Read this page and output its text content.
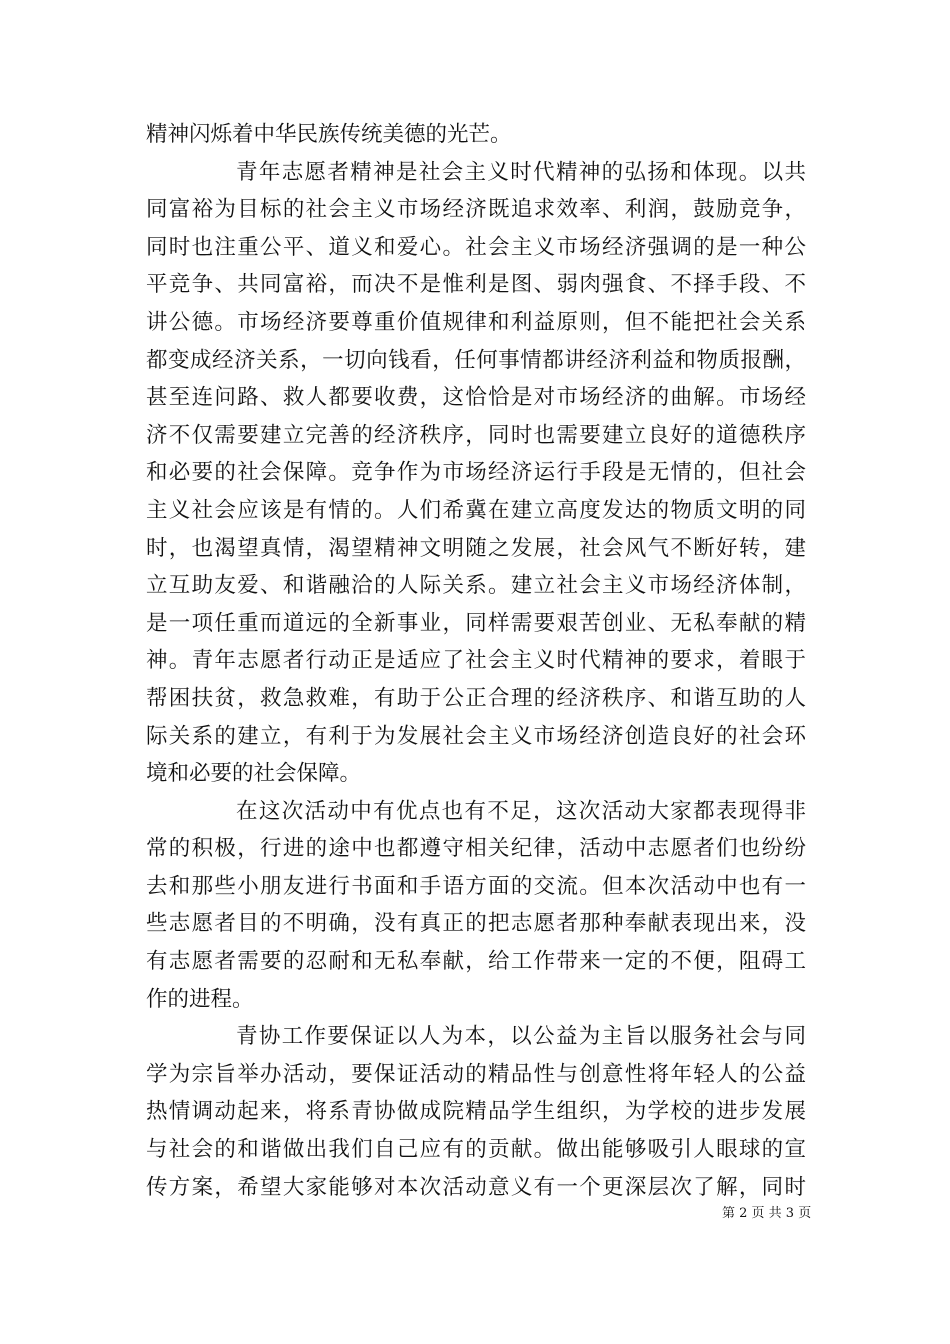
精神闪烁着中华民族传统美德的光芒。
青年志愿者精神是社会主义时代精神的弘扬和体现。以共
同富裕为目标的社会主义市场经济既追求效率、利润，鼓励竞争，
同时也注重公平、道义和爱心。社会主义市场经济强调的是一种公
平竞争、共同富裕，而决不是惟利是图、弱肉强食、不择手段、不
讲公德。市场经济要尊重价值规律和利益原则，但不能把社会关系
都变成经济关系，一切向钱看，任何事情都讲经济利益和物质报酬，
甚至连问路、救人都要收费，这恰恰是对市场经济的曲解。市场经
济不仅需要建立完善的经济秩序，同时也需要建立良好的道德秩序
和必要的社会保障。竞争作为市场经济运行手段是无情的，但社会
主义社会应该是有情的。人们希冀在建立高度发达的物质文明的同
时，也渴望真情，渴望精神文明随之发展，社会风气不断好转，建
立互助友爱、和谐融洽的人际关系。建立社会主义市场经济体制，
是一项任重而道远的全新事业，同样需要艰苦创业、无私奉献的精
神。青年志愿者行动正是适应了社会主义时代精神的要求，着眼于
帮困扶贫，救急救难，有助于公正合理的经济秩序、和谐互助的人
际关系的建立，有利于为发展社会主义市场经济创造良好的社会环
境和必要的社会保障。
在这次活动中有优点也有不足，这次活动大家都表现得非
常的积极，行进的途中也都遵守相关纪律，活动中志愿者们也纷纷
去和那些小朋友进行书面和手语方面的交流。但本次活动中也有一
些志愿者目的不明确，没有真正的把志愿者那种奉献表现出来，没
有志愿者需要的忍耐和无私奉献，给工作带来一定的不便，阻碍工
作的进程。
青协工作要保证以人为本，以公益为主旨以服务社会与同
学为宗旨举办活动，要保证活动的精品性与创意性将年轻人的公益
热情调动起来，将系青协做成院精品学生组织，为学校的进步发展
与社会的和谐做出我们自己应有的贡献。做出能够吸引人眼球的宣
传方案，希望大家能够对本次活动意义有一个更深层次了解，同时
第 2 页 共 3 页
